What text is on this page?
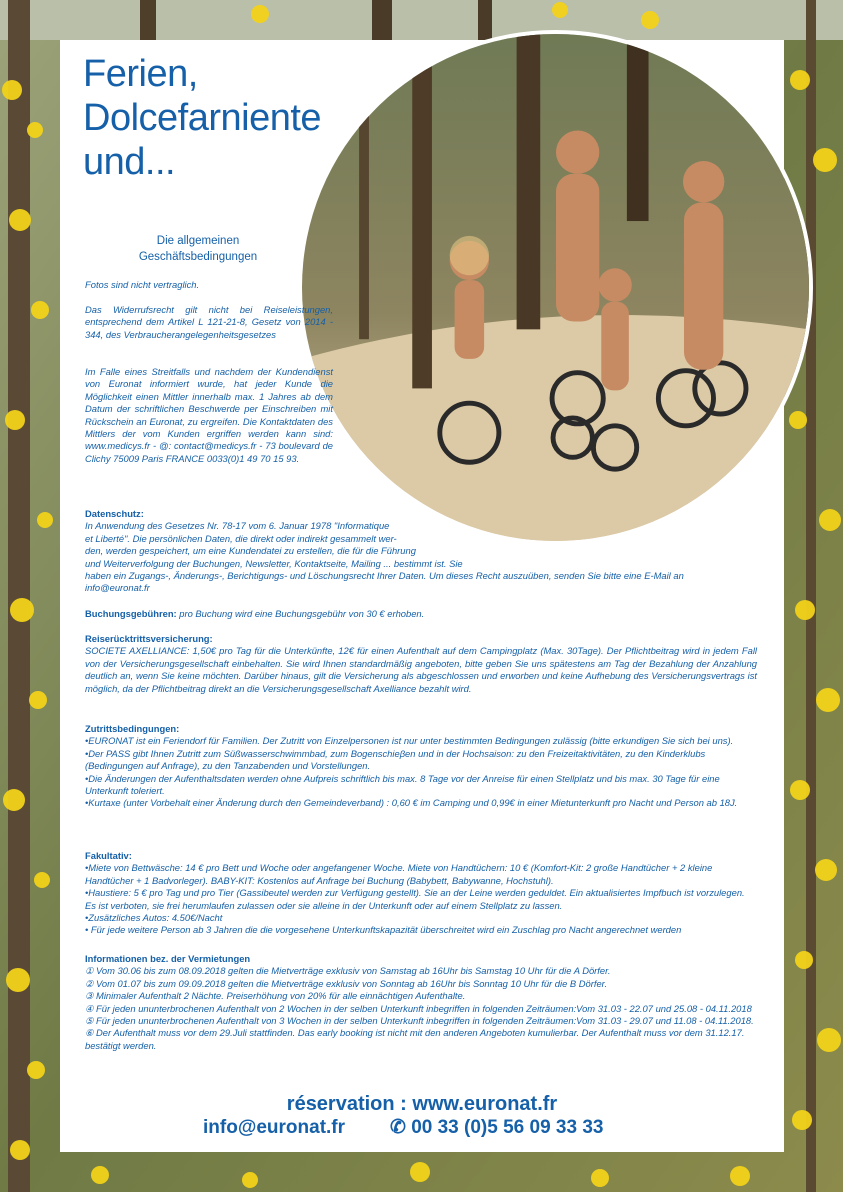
Ferien,
Dolcefarniente
und...
Die allgemeinen
Geschäftsbedingungen

Fotos sind nicht vertraglich.

Das Widerrufsrecht gilt nicht bei Reiseleistungen, entsprechend dem Artikel L 121-21-8, Gesetz von 2014 - 344, des Verbraucherangelegenheitsgesetzes

Im Falle eines Streitfalls und nachdem der Kundendienst von Euronat informiert wurde, hat jeder Kunde die Möglichkeit einen Mittler innerhalb max. 1 Jahres ab dem Datum der schriftlichen Beschwerde per Einschreiben mit Rückschein an Euronat, zu ergreifen. Die Kontaktdaten des Mittlers der vom Kunden ergriffen werden kann sind: www.medicys.fr - @: contact@medicys.fr - 73 boulevard de Clichy 75009 Paris FRANCE 0033(0)1 49 70 15 93.

Datenschutz:

In Anwendung des Gesetzes Nr. 78-17 vom 6. Januar 1978 "Informatique

et Liberté". Die persönlichen Daten, die direkt oder indirekt gesammelt wer-

den, werden gespeichert, um eine Kundendatei zu erstellen, die für die Führung

und Weiterverfolgung der Buchungen, Newsletter, Kontaktseite, Mailing ... bestimmt ist. Sie

haben ein Zugangs-, Änderungs-, Berichtigungs- und Löschungsrecht Ihrer Daten. Um dieses Recht auszuüben, senden Sie bitte eine E-Mail an

info@euronat.fr

Buchungsgebühren: pro Buchung wird eine Buchungsgebühr von 30 € erhoben.

Reiserücktrittsversicherung:

SOCIETE AXELLIANCE: 1,50€ pro Tag für die Unterkünfte, 12€ für einen Aufenthalt auf dem Campingplatz (Max. 30Tage). Der Pflichtbeitrag wird in jedem Fall von der Versicherungsgesellschaft einbehalten. Sie wird Ihnen standardmäßig angeboten, bitte geben Sie uns spätestens am Tag der Bezahlung der Anzahlung deutlich an, wenn Sie keine möchten. Darüber hinaus, gilt die Versicherung als abgeschlossen und erworben und keine Aufhebung des Versicherungsvertrags ist möglich, da der Pflichtbeitrag direkt an die Versicherungsgesellschaft Axelliance bezahlt wird.

Zutrittsbedingungen:

•EURONAT ist ein Feriendorf für Familien. Der Zutritt von Einzelpersonen ist nur unter bestimmten Bedingungen zulässig (bitte erkundigen Sie sich bei uns).

•Der PASS gibt Ihnen Zutritt zum Süßwasserschwimmbad, zum Bogenschieβen und in der Hochsaison: zu den Freizeitaktivitäten, zu den Kinderklubs (Bedingungen auf Anfrage), zu den Tanzabenden und Vorstellungen.

•Die Änderungen der Aufenthaltsdaten werden ohne Aufpreis schriftlich bis max. 8 Tage vor der Anreise für einen Stellplatz und bis max. 30 Tage für eine Unterkunft toleriert.

•Kurtaxe (unter Vorbehalt einer Änderung durch den Gemeindeverband) : 0,60 € im Camping und 0,99€ in einer Mietunterkunft pro Nacht und Person ab 18J.

Fakultativ:

•Miete von Bettwäsche: 14 € pro Bett und Woche oder angefangener Woche. Miete von Handtüchern: 10 € (Komfort-Kit: 2 große Handtücher + 2 kleine Handtücher + 1 Badvorleger). BABY-KIT: Kostenlos auf Anfrage bei Buchung (Babybett, Babywanne, Hochstuhl).

•Haustiere: 5 € pro Tag und pro Tier (Gassibeutel werden zur Verfügung gestellt). Sie an der Leine werden geduldet. Ein aktualisiertes Impfbuch ist vorzulegen. Es ist verboten, sie frei herumlaufen zulassen oder sie alleine in der Unterkunft oder auf einem Stellplatz zu lassen.

•Zusätzliches Autos: 4.50€/Nacht

• Für jede weitere Person ab 3 Jahren die die vorgesehene Unterkunftskapazität überschreitet wird ein Zuschlag pro Nacht angerechnet werden

Informationen bez. der Vermietungen

① Vom 30.06 bis zum 08.09.2018 gelten die Mietverträge exklusiv von Samstag ab 16Uhr bis Samstag 10 Uhr für die A Dörfer.

② Vom 01.07 bis zum 09.09.2018 gelten die Mietverträge exklusiv von Sonntag ab 16Uhr bis Sonntag 10 Uhr für die B Dörfer.

③ Minimaler Aufenthalt 2 Nächte. Preiserhöhung von 20% für alle einnächtigen Aufenthalte.

④ Für jeden ununterbrochenen Aufenthalt von 2 Wochen in der selben Unterkunft inbegriffen in folgenden Zeiträumen:Vom 31.03 - 22.07 und 25.08 - 04.11.2018

⑤ Für jeden ununterbrochenen Aufenthalt von 3 Wochen in der selben Unterkunft inbegriffen in folgenden Zeiträumen:Vom 31.03 - 29.07 und 11.08 - 04.11.2018.

⑥ Der Aufenthalt muss vor dem 29.Juli stattfinden. Das early booking ist nicht mit den anderen Angeboten kumulierbar. Der Aufenthalt muss vor dem 31.12.17. bestätigt werden.

réservation : www.euronat.fr
info@euronat.fr ✆ 00 33 (0)5 56 09 33 33
